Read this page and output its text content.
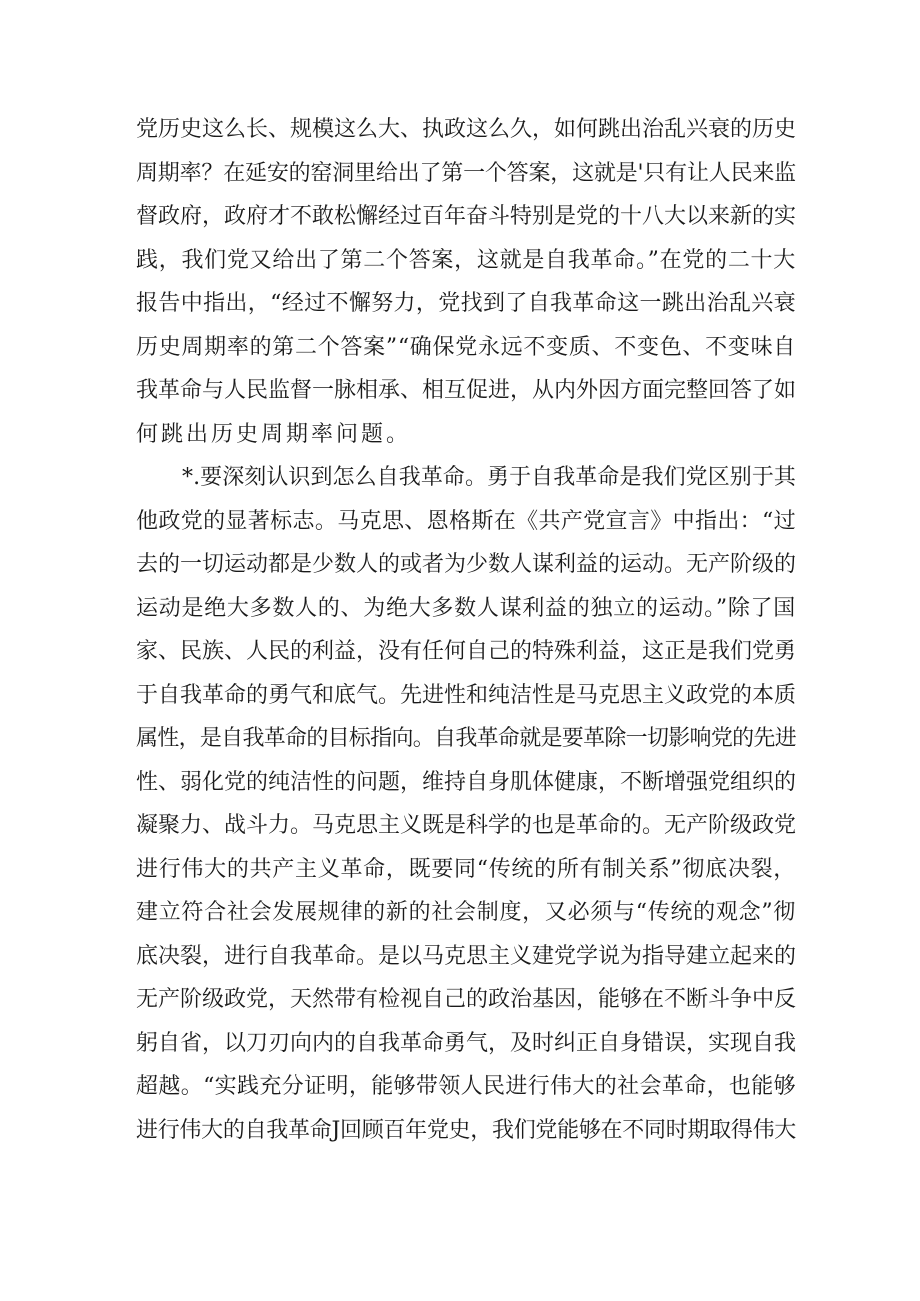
党历史这么长、规模这么大、执政这么久，如何跳出治乱兴衰的历史
周期率？在延安的窑洞里给出了第一个答案，这就是'只有让人民来监
督政府，政府才不敢松懈经过百年奋斗特别是党的十八大以来新的实
践，我们党又给出了第二个答案，这就是自我革命。”在党的二十大
报告中指出，“经过不懈努力，党找到了自我革命这一跳出治乱兴衰
历史周期率的第二个答案”“确保党永远不变质、不变色、不变味自
我革命与人民监督一脉相承、相互促进，从内外因方面完整回答了如
何跳出历史周期率问题。
*.要深刻认识到怎么自我革命。勇于自我革命是我们党区别于其
他政党的显著标志。马克思、恩格斯在《共产党宣言》中指出：“过
去的一切运动都是少数人的或者为少数人谋利益的运动。无产阶级的
运动是绝大多数人的、为绝大多数人谋利益的独立的运动。”除了国
家、民族、人民的利益，没有任何自己的特殊利益，这正是我们党勇
于自我革命的勇气和底气。先进性和纯洁性是马克思主义政党的本质
属性，是自我革命的目标指向。自我革命就是要革除一切影响党的先进
性、弱化党的纯洁性的问题，维持自身肌体健康，不断增强党组织的
凝聚力、战斗力。马克思主义既是科学的也是革命的。无产阶级政党
进行伟大的共产主义革命，既要同“传统的所有制关系”彻底决裂，
建立符合社会发展规律的新的社会制度，又必须与“传统的观念”彻
底决裂，进行自我革命。是以马克思主义建党学说为指导建立起来的
无产阶级政党，天然带有检视自己的政治基因，能够在不断斗争中反
躬自省，以刀刃向内的自我革命勇气，及时纠正自身错误，实现自我
超越。“实践充分证明，能够带领人民进行伟大的社会革命，也能够
进行伟大的自我革命J回顾百年党史，我们党能够在不同时期取得伟大
